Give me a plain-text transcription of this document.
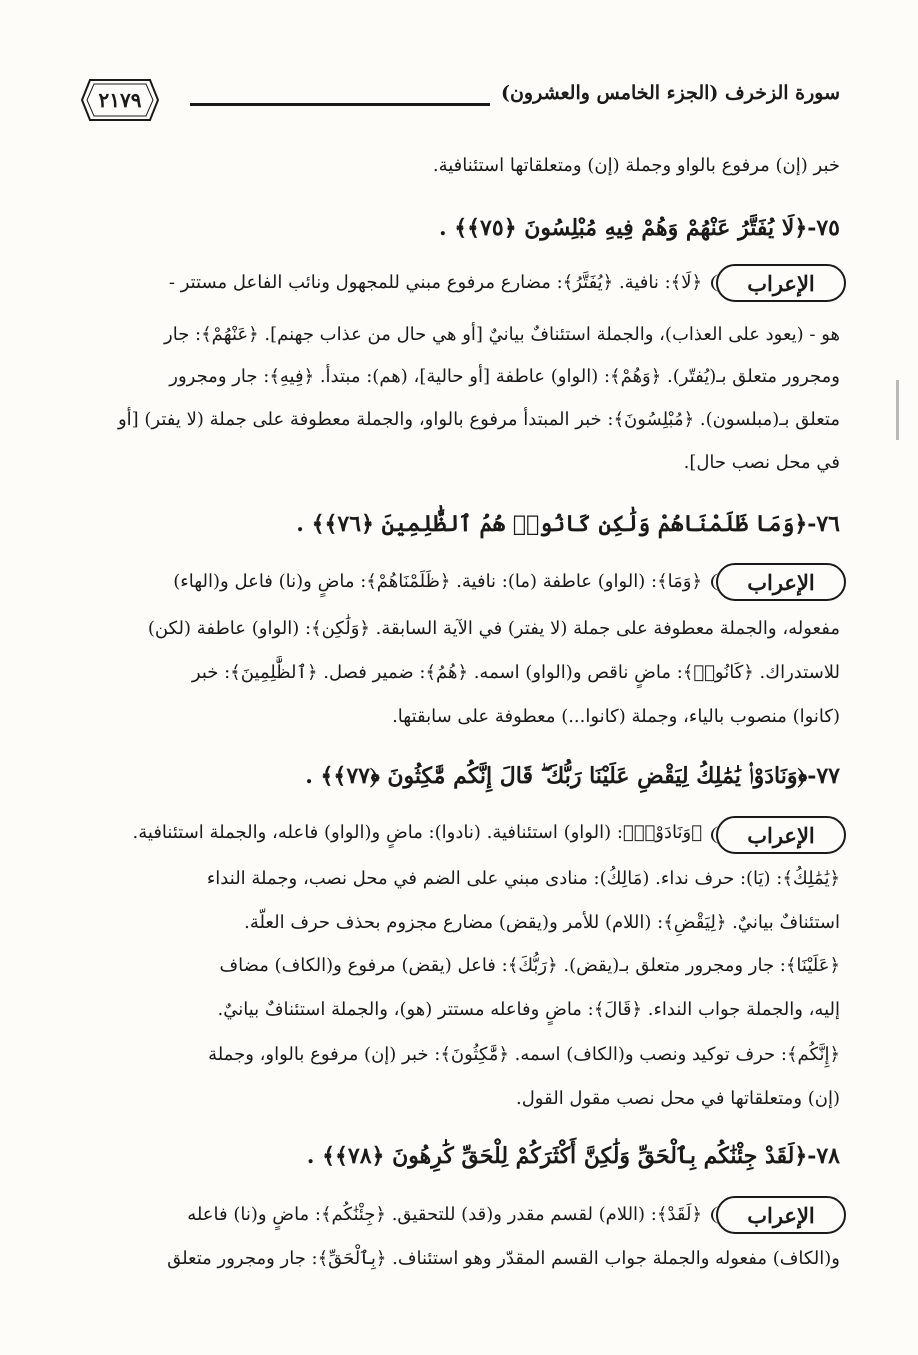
سورة الزخرف (الجزء الخامس والعشرون)
٢١٧٩
خبر (إن) مرفوع بالواو وجملة (إن) ومتعلقاتها استئنافية.
٧٥-﴿لَا يُفَتَّرُ عَنْهُمْ وَهُمْ فِيهِ مُبْلِسُونَ ﴿٧٥﴾﴾ .
الإعراب
﴿لَا﴾: نافية. ﴿يُفَتَّرُ﴾: مضارع مرفوع مبني للمجهول ونائب الفاعل مستتر -
هو - (يعود على العذاب)، والجملة استئنافٌ بيانيٌ [أو هي حال من عذاب جهنم]. ﴿عَنْهُمْ﴾: جار
ومجرور متعلق بـ(يُفتّر). ﴿وَهُمْ﴾: (الواو) عاطفة [أو حالية]، (هم): مبتدأ. ﴿فِيهِ﴾: جار ومجرور
متعلق بـ(مبلسون). ﴿مُبْلِسُونَ﴾: خبر المبتدأ مرفوع بالواو، والجملة معطوفة على جملة (لا يفتر) [أو
في محل نصب حال].
٧٦-﴿وَمَا ظَلَمْنَاهُمْ وَلَٰكِن كَانُوا۟ هُمُ ٱلظَّٰلِمِينَ ﴿٧٦﴾﴾ .
الإعراب
﴿وَمَا﴾: (الواو) عاطفة (ما): نافية. ﴿ظَلَمْنَاهُمْ﴾: ماضٍ و(نا) فاعل و(الهاء)
مفعوله، والجملة معطوفة على جملة (لا يفتر) في الآية السابقة. ﴿وَلَٰكِن﴾: (الواو) عاطفة (لكن)
للاستدراك. ﴿كَانُوا۟﴾: ماضٍ ناقص و(الواو) اسمه. ﴿هُمُ﴾: ضمير فصل. ﴿ٱلظَّٰلِمِينَ﴾: خبر
(كانوا) منصوب بالياء، وجملة (كانوا...) معطوفة على سابقتها.
٧٧-﴿وَنَادَوْا۟ يَٰمَٰلِكُ لِيَقْضِ عَلَيْنَا رَبُّكَ ۖ قَالَ إِنَّكُم مَّٰكِثُونَ ﴿٧٧﴾﴾ .
الإعراب
﴿وَنَادَوْا۟﴾: (الواو) استئنافية. (نادوا): ماضٍ و(الواو) فاعله، والجملة استئنافية.
﴿يَٰمَٰلِكُ﴾: (يَا): حرف نداء. (مَالِكُ): منادى مبني على الضم في محل نصب، وجملة النداء
استئنافٌ بيانيٌ. ﴿لِيَقْضِ﴾: (اللام) للأمر و(يقض) مضارع مجزوم بحذف حرف العلّة.
﴿عَلَيْنَا﴾: جار ومجرور متعلق بـ(يقض). ﴿رَبُّكَ﴾: فاعل (يقض) مرفوع و(الكاف) مضاف
إليه، والجملة جواب النداء. ﴿قَالَ﴾: ماضٍ وفاعله مستتر (هو)، والجملة استئنافٌ بيانيٌ.
﴿إِنَّكُم﴾: حرف توكيد ونصب و(الكاف) اسمه. ﴿مَّٰكِثُونَ﴾: خبر (إن) مرفوع بالواو، وجملة
(إن) ومتعلقاتها في محل نصب مقول القول.
٧٨-﴿لَقَدْ جِئْنَٰكُم بِٱلْحَقِّ وَلَٰكِنَّ أَكْثَرَكُمْ لِلْحَقِّ كَٰرِهُونَ ﴿٧٨﴾﴾ .
الإعراب
﴿لَقَدْ﴾: (اللام) لقسم مقدر و(قد) للتحقيق. ﴿جِئْنَٰكُم﴾: ماضٍ و(نا) فاعله
و(الكاف) مفعوله والجملة جواب القسم المقدّر وهو استئناف. ﴿بِٱلْحَقِّ﴾: جار ومجرور متعلق
